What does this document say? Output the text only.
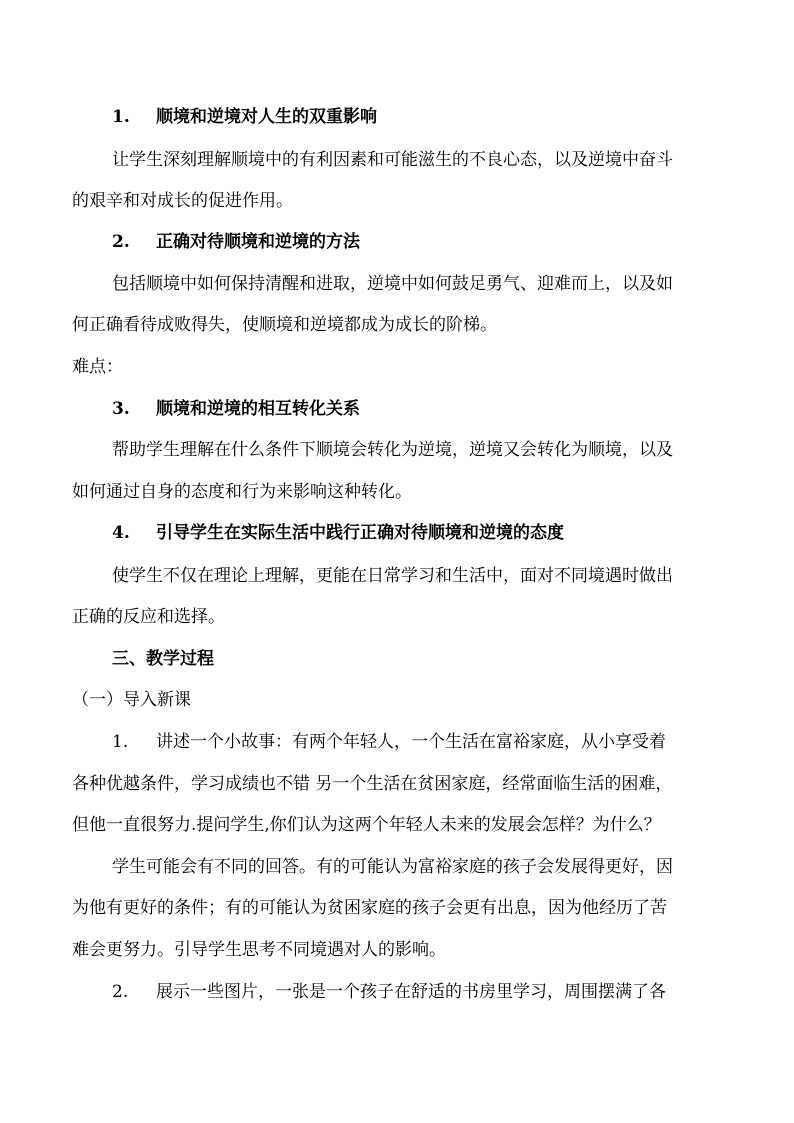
1. 顺境和逆境对人生的双重影响
让学生深刻理解顺境中的有利因素和可能滋生的不良心态，以及逆境中奋斗
的艰辛和对成长的促进作用。
2. 正确对待顺境和逆境的方法
包括顺境中如何保持清醒和进取，逆境中如何鼓足勇气、迎难而上，以及如
何正确看待成败得失，使顺境和逆境都成为成长的阶梯。
难点：
3. 顺境和逆境的相互转化关系
帮助学生理解在什么条件下顺境会转化为逆境，逆境又会转化为顺境，以及
如何通过自身的态度和行为来影响这种转化。
4. 引导学生在实际生活中践行正确对待顺境和逆境的态度
使学生不仅在理论上理解，更能在日常学习和生活中，面对不同境遇时做出
正确的反应和选择。
三、教学过程
（一）导入新课
1. 讲述一个小故事：有两个年轻人，一个生活在富裕家庭，从小享受着
各种优越条件，学习成绩也不错 另一个生活在贫困家庭，经常面临生活的困难，
但他一直很努力.提问学生,你们认为这两个年轻人未来的发展会怎样？为什么？
学生可能会有不同的回答。有的可能认为富裕家庭的孩子会发展得更好，因
为他有更好的条件；有的可能认为贫困家庭的孩子会更有出息，因为他经历了苦
难会更努力。引导学生思考不同境遇对人的影响。
2. 展示一些图片，一张是一个孩子在舒适的书房里学习，周围摆满了各
